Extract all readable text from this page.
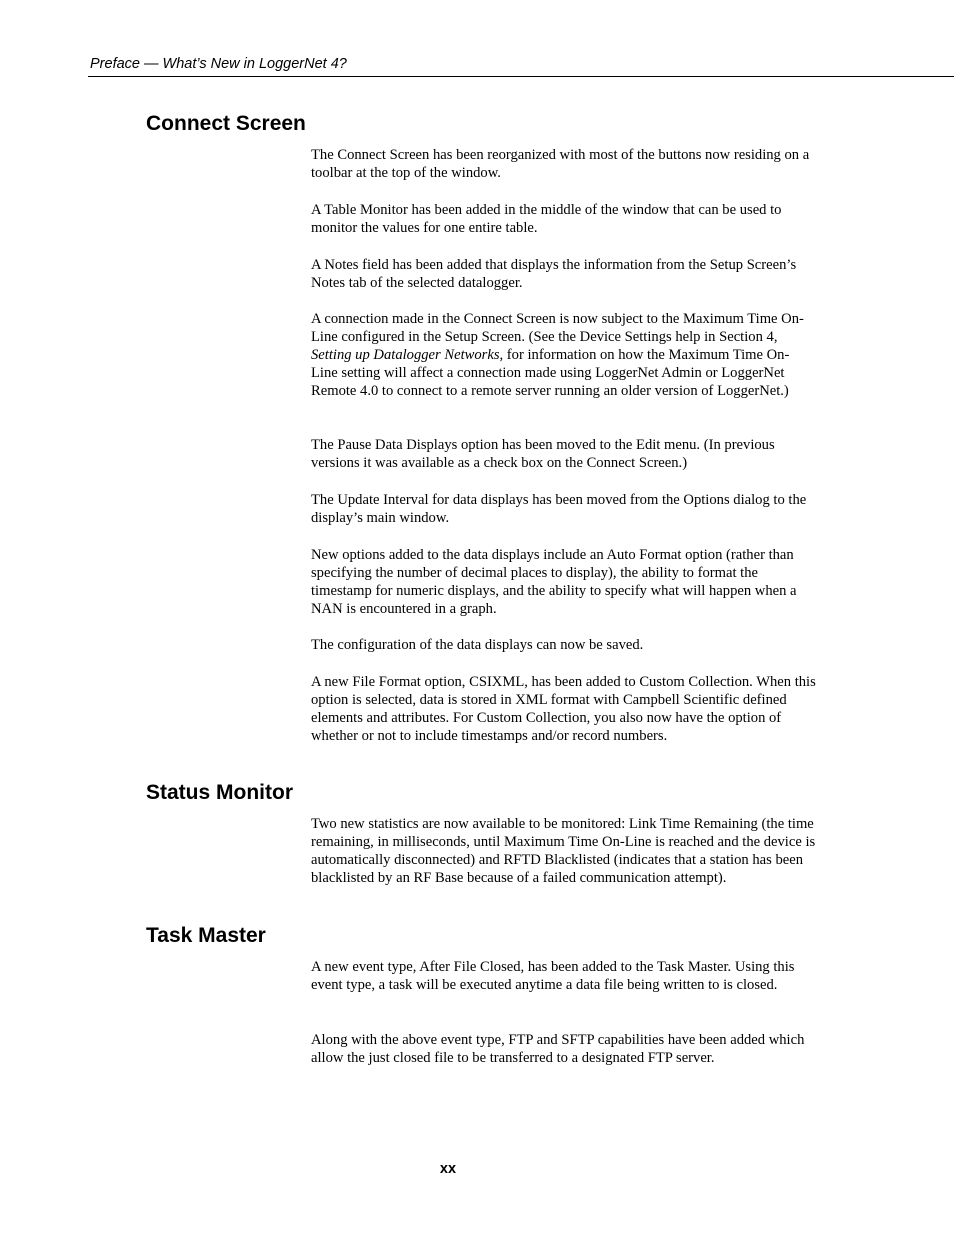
Preface — What’s New in LoggerNet 4?
Connect Screen

The Connect Screen has been reorganized with most of the buttons now residing on a toolbar at the top of the window.

A Table Monitor has been added in the middle of the window that can be used to monitor the values for one entire table.

A Notes field has been added that displays the information from the Setup Screen’s Notes tab of the selected datalogger.

A connection made in the Connect Screen is now subject to the Maximum Time On-Line configured in the Setup Screen. (See the Device Settings help in Section 4, Setting up Datalogger Networks, for information on how the Maximum Time On-Line setting will affect a connection made using LoggerNet Admin or LoggerNet Remote 4.0 to connect to a remote server running an older version of LoggerNet.)

The Pause Data Displays option has been moved to the Edit menu. (In previous versions it was available as a check box on the Connect Screen.)

The Update Interval for data displays has been moved from the Options dialog to the display’s main window.

New options added to the data displays include an Auto Format option (rather than specifying the number of decimal places to display), the ability to format the timestamp for numeric displays, and the ability to specify what will happen when a NAN is encountered in a graph.

The configuration of the data displays can now be saved.

A new File Format option, CSIXML, has been added to Custom Collection. When this option is selected, data is stored in XML format with Campbell Scientific defined elements and attributes. For Custom Collection, you also now have the option of whether or not to include timestamps and/or record numbers.

Status Monitor

Two new statistics are now available to be monitored: Link Time Remaining (the time remaining, in milliseconds, until Maximum Time On-Line is reached and the device is automatically disconnected) and RFTD Blacklisted (indicates that a station has been blacklisted by an RF Base because of a failed communication attempt).

Task Master

A new event type, After File Closed, has been added to the Task Master. Using this event type, a task will be executed anytime a data file being written to is closed.

Along with the above event type, FTP and SFTP capabilities have been added which allow the just closed file to be transferred to a designated FTP server.

xx
